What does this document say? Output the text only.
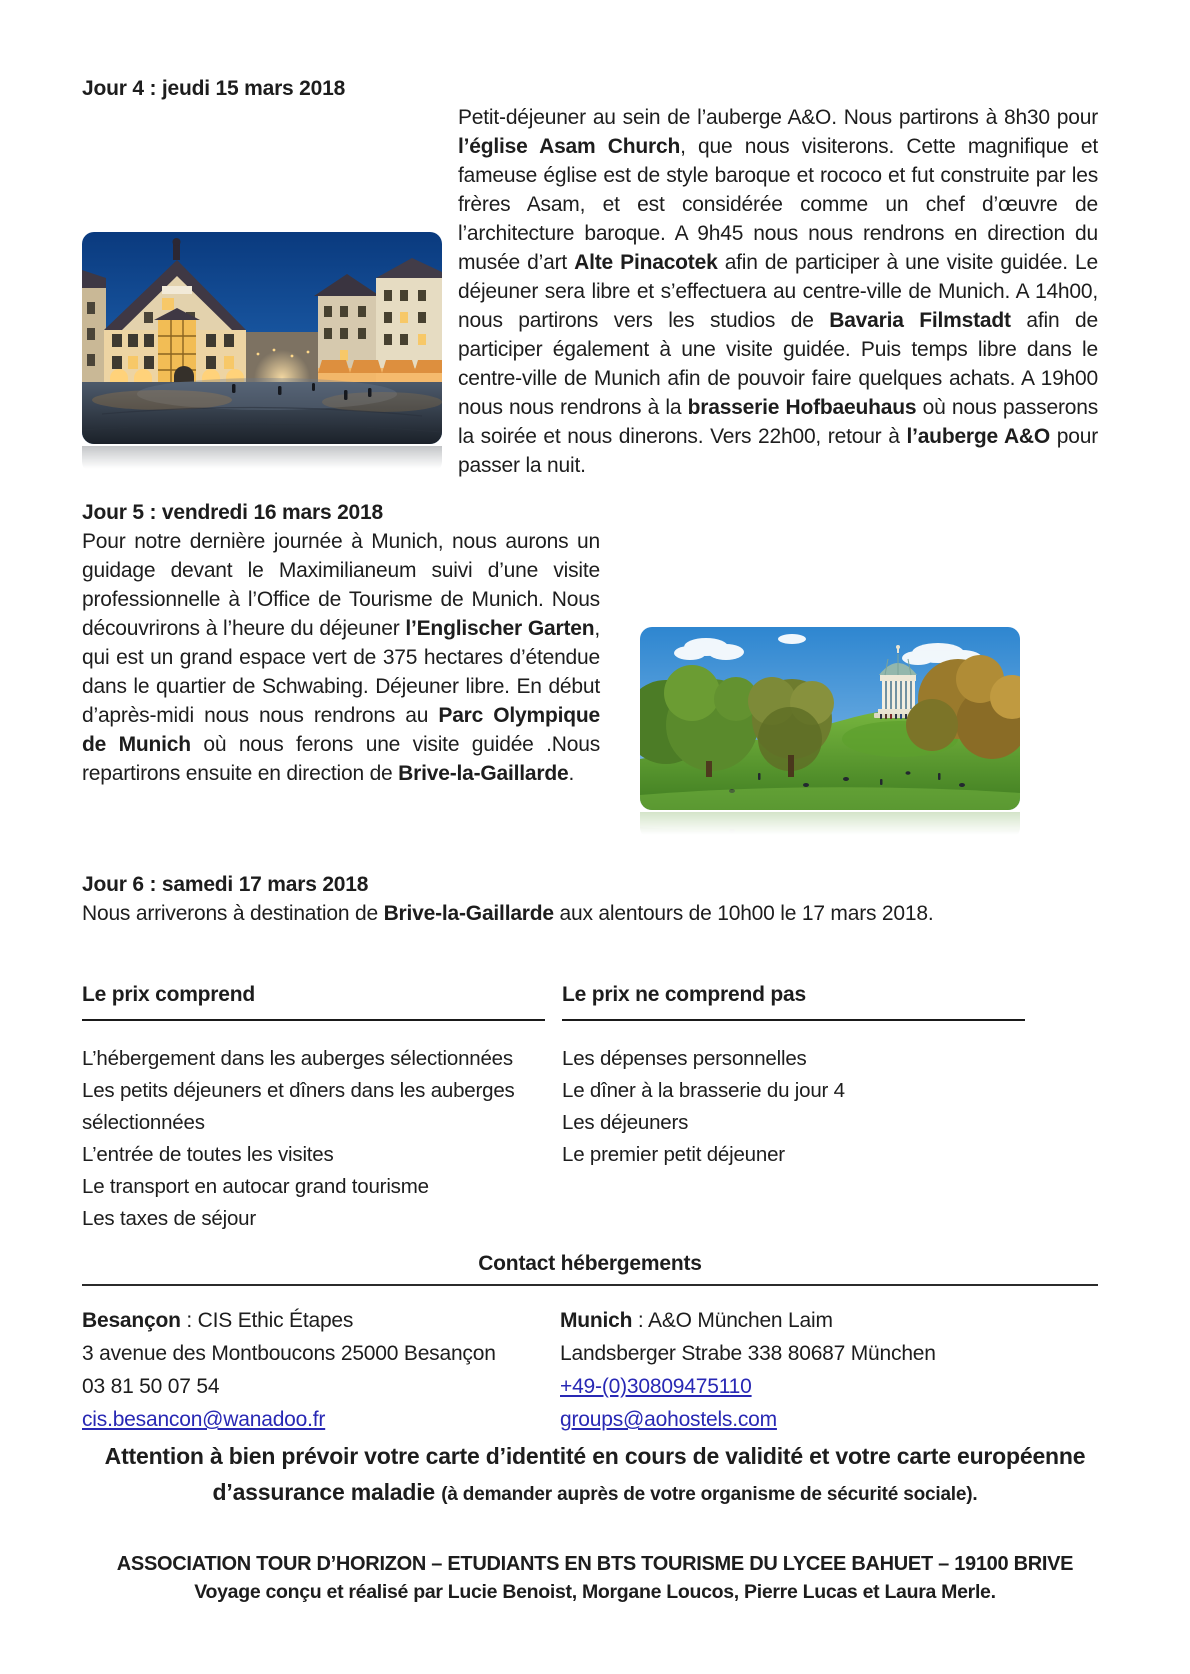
Jour 4 : jeudi 15 mars 2018

Petit-déjeuner au sein de l’auberge A&O. Nous partirons à 8h30 pour l’église Asam Church, que nous visiterons. Cette magnifique et fameuse église est de style baroque et rococo et fut construite par les frères Asam, et est considérée comme un chef d’œuvre de l’architecture baroque. A 9h45 nous nous rendrons en direction du musée d’art Alte Pinacotek afin de participer à une visite guidée. Le déjeuner sera libre et s’effectuera au centre-ville de Munich. A 14h00, nous partirons vers les studios de Bavaria Filmstadt afin de participer également à une visite guidée. Puis temps libre dans le centre-ville de Munich afin de pouvoir faire quelques achats. A 19h00 nous nous rendrons à la brasserie Hofbaeuhaus où nous passerons la soirée et nous dinerons. Vers 22h00, retour à l’auberge A&O pour passer la nuit.

Jour 5 : vendredi 16 mars 2018

Pour notre dernière journée à Munich, nous aurons un guidage devant le Maximilianeum suivi d’une visite professionnelle à l’Office de Tourisme de Munich. Nous découvrirons à l’heure du déjeuner l’Englischer Garten, qui est un grand espace vert de 375 hectares d’étendue dans le quartier de Schwabing. Déjeuner libre. En début d’après-midi nous nous rendrons au Parc Olympique de Munich où nous ferons une visite guidée .Nous repartirons ensuite en direction de Brive-la-Gaillarde.

Jour 6 : samedi 17 mars 2018

Nous arriverons à destination de Brive-la-Gaillarde aux alentours de 10h00 le 17 mars 2018.

Le prix comprend
L’hébergement dans les auberges sélectionnées
Les petits déjeuners et dîners dans les auberges sélectionnées
L’entrée de toutes les visites
Le transport en autocar grand tourisme
Les taxes de séjour
Le prix ne comprend pas
Les dépenses personnelles
Le dîner à la brasserie du jour 4
Les déjeuners
Le premier petit déjeuner
Contact hébergements
Besançon : CIS Ethic Étapes
3 avenue des Montboucons 25000 Besançon
03 81 50 07 54
cis.besancon@wanadoo.fr
Munich : A&O München Laim
Landsberger Strabe 338 80687 München
+49-(0)30809475110
groups@aohostels.com
Attention à bien prévoir votre carte d’identité en cours de validité et votre carte européenne d’assurance maladie (à demander auprès de votre organisme de sécurité sociale).
ASSOCIATION TOUR D’HORIZON – ETUDIANTS EN BTS TOURISME DU LYCEE BAHUET – 19100 BRIVE
Voyage conçu et réalisé par Lucie Benoist, Morgane Loucos, Pierre Lucas et Laura Merle.
